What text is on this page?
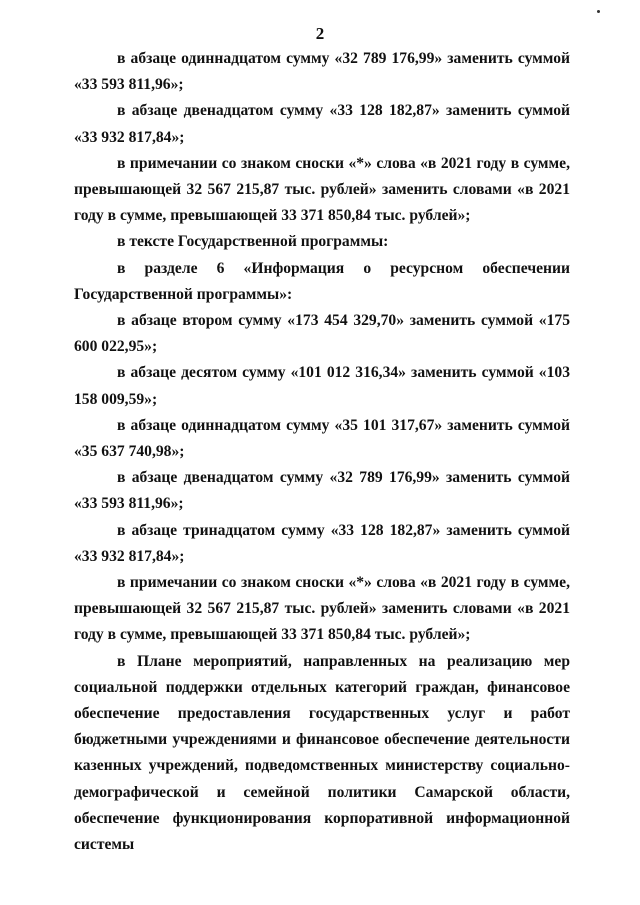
2

в абзаце одиннадцатом сумму «32 789 176,99» заменить суммой «33 593 811,96»;

в абзаце двенадцатом сумму «33 128 182,87» заменить суммой «33 932 817,84»;

в примечании со знаком сноски «*» слова «в 2021 году в сумме, превышающей 32 567 215,87 тыс. рублей» заменить словами «в 2021 году в сумме, превышающей 33 371 850,84 тыс. рублей»;

в тексте Государственной программы:

в разделе 6 «Информация о ресурсном обеспечении Государственной программы»:

в абзаце втором сумму «173 454 329,70» заменить суммой «175 600 022,95»;

в абзаце десятом сумму «101 012 316,34» заменить суммой «103 158 009,59»;

в абзаце одиннадцатом сумму «35 101 317,67» заменить суммой «35 637 740,98»;

в абзаце двенадцатом сумму «32 789 176,99» заменить суммой «33 593 811,96»;

в абзаце тринадцатом сумму «33 128 182,87» заменить суммой «33 932 817,84»;

в примечании со знаком сноски «*» слова «в 2021 году в сумме, превышающей 32 567 215,87 тыс. рублей» заменить словами «в 2021 году в сумме, превышающей 33 371 850,84 тыс. рублей»;

в Плане мероприятий, направленных на реализацию мер социальной поддержки отдельных категорий граждан, финансовое обеспечение предоставления государственных услуг и работ бюджетными учреждениями и финансовое обеспечение деятельности казенных учреждений, подведомственных министерству социально-демографической и семейной политики Самарской области, обеспечение функционирования корпоративной информационной системы
